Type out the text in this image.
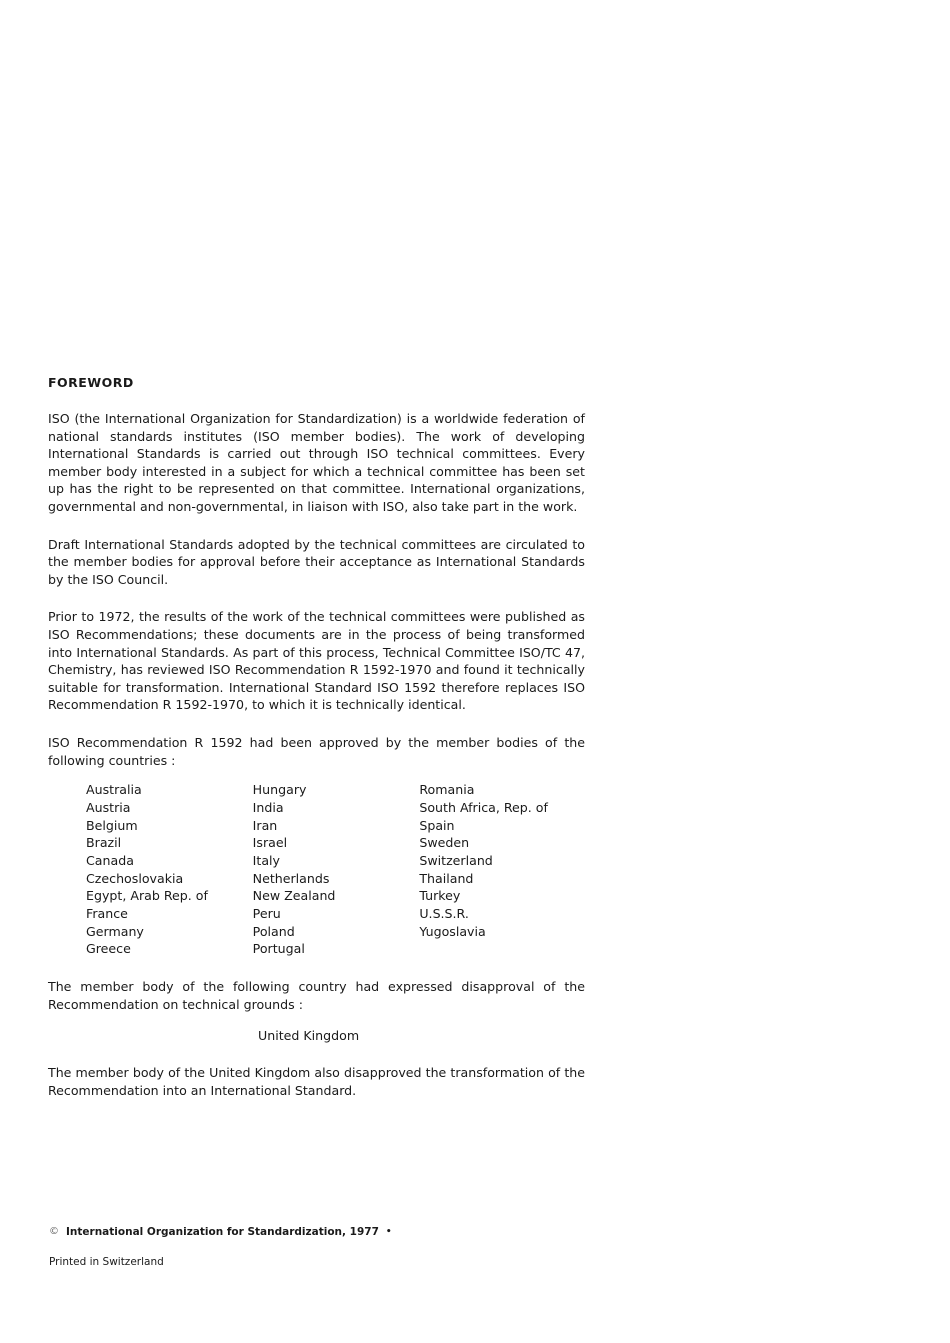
FOREWORD

ISO (the International Organization for Standardization) is a worldwide federation of national standards institutes (ISO member bodies). The work of developing International Standards is carried out through ISO technical committees. Every member body interested in a subject for which a technical committee has been set up has the right to be represented on that committee. International organizations, governmental and non-governmental, in liaison with ISO, also take part in the work.

Draft International Standards adopted by the technical committees are circulated to the member bodies for approval before their acceptance as International Standards by the ISO Council.

Prior to 1972, the results of the work of the technical committees were published as ISO Recommendations; these documents are in the process of being transformed into International Standards. As part of this process, Technical Committee ISO/TC 47, Chemistry, has reviewed ISO Recommendation R 1592-1970 and found it technically suitable for transformation. International Standard ISO 1592 therefore replaces ISO Recommendation R 1592-1970, to which it is technically identical.

ISO Recommendation R 1592 had been approved by the member bodies of the following countries :

Australia
Austria
Belgium
Brazil
Canada
Czechoslovakia
Egypt, Arab Rep. of
France
Germany
Greece
Hungary
India
Iran
Israel
Italy
Netherlands
New Zealand
Peru
Poland
Portugal
Romania
South Africa, Rep. of
Spain
Sweden
Switzerland
Thailand
Turkey
U.S.S.R.
Yugoslavia

The member body of the following country had expressed disapproval of the Recommendation on technical grounds :

United Kingdom

The member body of the United Kingdom also disapproved the transformation of the Recommendation into an International Standard.

© International Organization for Standardization, 1977 •
Printed in Switzerland
